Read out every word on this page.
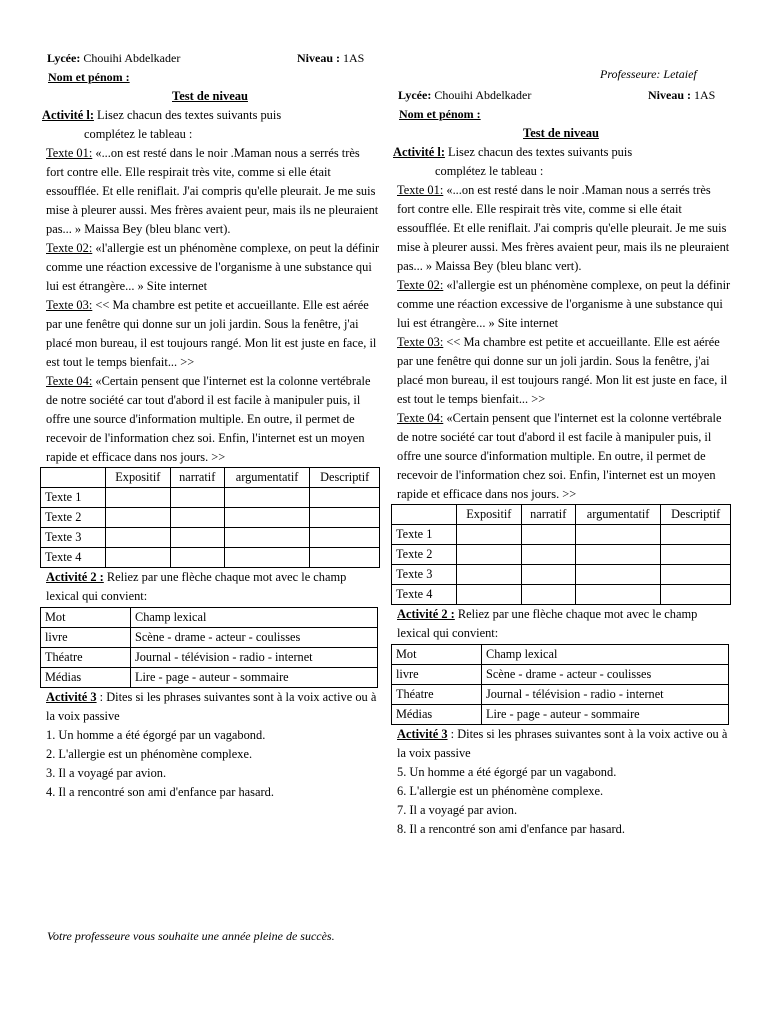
Professeure: Letaief
Lycée: Chouihi Abdelkader	Niveau : 1AS
Nom et pénom :
Test de niveau
Activité l: Lisez chacun des textes suivants puis
complétez le tableau :
Texte 01: «...on est resté dans le noir .Maman nous a serrés très fort contre elle. Elle respirait très vite, comme si elle était essoufflée. Et elle reniflait. J'ai compris qu'elle pleurait. Je me suis mise à pleurer aussi. Mes frères avaient peur, mais ils ne pleuraient pas... » Maissa Bey (bleu blanc vert).
Texte 02: «l'allergie est un phénomène complexe, on peut la définir comme une réaction excessive de l'organisme à une substance qui lui est étrangère... » Site internet
Texte 03: << Ma chambre est petite et accueillante. Elle est aérée par une fenêtre qui donne sur un joli jardin. Sous la fenêtre, j'ai placé mon bureau, il est toujours rangé. Mon lit est juste en face, il est tout le temps bienfait... >>
Texte 04: «Certain pensent que l'internet est la colonne vertébrale de notre société car tout d'abord il est facile à manipuler puis, il offre une source d'information multiple. En outre, il permet de recevoir de l'information chez soi. Enfin, l'internet est un moyen rapide et efficace dans nos jours. >>
	Expositif	narratif	argumentatif	Descriptif
Texte 1				
Texte 2				
Texte 3				
Texte 4				
Activité 2 : Reliez par une flèche chaque mot avec le champ lexical qui convient:
Mot	Champ lexical
livre	Scène - drame - acteur - coulisses
Théatre	Journal - télévision - radio - internet
Médias	Lire - page - auteur - sommaire
Activité 3 : Dites si les phrases suivantes sont à la voix active ou à la voix passive
1. Un homme a été égorgé par un vagabond.
2. L'allergie est un phénomène complexe.
3. Il a voyagé par avion.
4. Il a rencontré son ami d'enfance par hasard.
Lycée: Chouihi Abdelkader	Niveau : 1AS
Nom et pénom :
Test de niveau
Activité l: Lisez chacun des textes suivants puis
complétez le tableau :
Texte 01: «...on est resté dans le noir .Maman nous a serrés très fort contre elle. Elle respirait très vite, comme si elle était essoufflée. Et elle reniflait. J'ai compris qu'elle pleurait. Je me suis mise à pleurer aussi. Mes frères avaient peur, mais ils ne pleuraient pas... » Maissa Bey (bleu blanc vert).
Texte 02: «l'allergie est un phénomène complexe, on peut la définir comme une réaction excessive de l'organisme à une substance qui lui est étrangère... » Site internet
Texte 03: << Ma chambre est petite et accueillante. Elle est aérée par une fenêtre qui donne sur un joli jardin. Sous la fenêtre, j'ai placé mon bureau, il est toujours rangé. Mon lit est juste en face, il est tout le temps bienfait... >>
Texte 04: «Certain pensent que l'internet est la colonne vertébrale de notre société car tout d'abord il est facile à manipuler puis, il offre une source d'information multiple. En outre, il permet de recevoir de l'information chez soi. Enfin, l'internet est un moyen rapide et efficace dans nos jours. >>
	Expositif	narratif	argumentatif	Descriptif
Texte 1				
Texte 2				
Texte 3				
Texte 4				
Activité 2 : Reliez par une flèche chaque mot avec le champ lexical qui convient:
Mot	Champ lexical
livre	Scène - drame - acteur - coulisses
Théatre	Journal - télévision - radio - internet
Médias	Lire - page - auteur - sommaire
Activité 3 : Dites si les phrases suivantes sont à la voix active ou à la voix passive
5. Un homme a été égorgé par un vagabond.
6. L'allergie est un phénomène complexe.
7. Il a voyagé par avion.
8. Il a rencontré son ami d'enfance par hasard.
Votre professeure vous souhaite une année pleine de succès.
